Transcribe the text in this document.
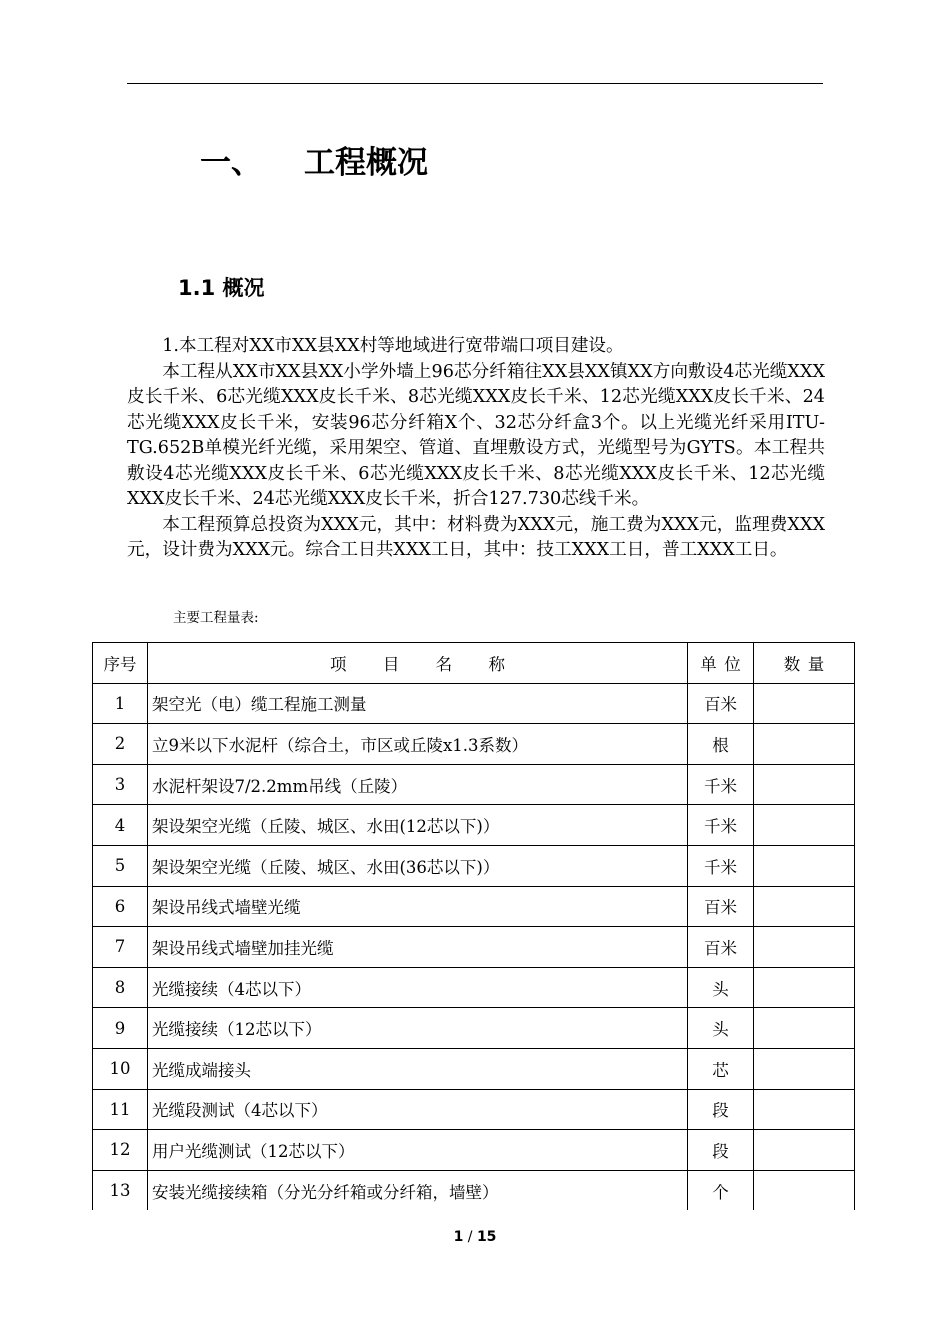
一、 工程概况
1.1 概况

1.本工程对XX市XX县XX村等地域进行宽带端口项目建设。

本工程从XX市XX县XX小学外墙上96芯分纤箱往XX县XX镇XX方向敷设4芯光缆XXX皮长千米、6芯光缆XXX皮长千米、8芯光缆XXX皮长千米、12芯光缆XXX皮长千米、24芯光缆XXX皮长千米，安装96芯分纤箱X个、32芯分纤盒3个。以上光缆光纤采用ITU-TG.652B单模光纤光缆，采用架空、管道、直埋敷设方式，光缆型号为GYTS。本工程共敷设4芯光缆XXX皮长千米、6芯光缆XXX皮长千米、8芯光缆XXX皮长千米、12芯光缆XXX皮长千米、24芯光缆XXX皮长千米，折合127.730芯线千米。

本工程预算总投资为XXX元，其中：材料费为XXX元，施工费为XXX元，监理费XXX元，设计费为XXX元。综合工日共XXX工日，其中：技工XXX工日，普工XXX工日。

主要工程量表:
序号	项目名称	单位	数量
1	架空光（电）缆工程施工测量	百米	
2	立9米以下水泥杆（综合土，市区或丘陵x1.3系数）	根	
3	水泥杆架设7/2.2mm吊线（丘陵）	千米	
4	架设架空光缆（丘陵、城区、水田(12芯以下)）	千米	
5	架设架空光缆（丘陵、城区、水田(36芯以下)）	千米	
6	架设吊线式墙壁光缆	百米	
7	架设吊线式墙壁加挂光缆	百米	
8	光缆接续（4芯以下）	头	
9	光缆接续（12芯以下）	头	
10	光缆成端接头	芯	
11	光缆段测试（4芯以下）	段	
12	用户光缆测试（12芯以下）	段	
13	安装光缆接续箱（分光分纤箱或分纤箱，墙壁）	个	
1 / 15
